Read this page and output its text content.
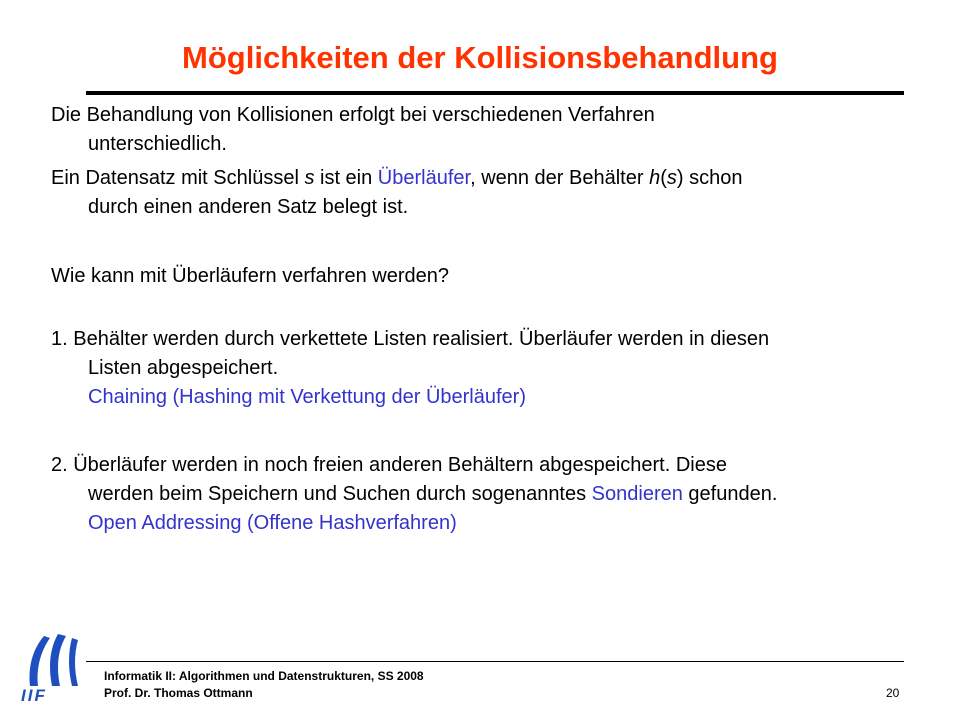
Möglichkeiten der Kollisionsbehandlung

Die Behandlung von Kollisionen erfolgt bei verschiedenen Verfahren
unterschiedlich.

Ein Datensatz mit Schlüssel s ist ein Überläufer, wenn der Behälter h(s) schon
durch einen anderen Satz belegt ist.

Wie kann mit Überläufern verfahren werden?

1. Behälter werden durch verkettete Listen realisiert. Überläufer werden in diesen
Listen abgespeichert.
Chaining (Hashing mit Verkettung der Überläufer)

2. Überläufer werden in noch freien anderen Behältern abgespeichert. Diese
werden beim Speichern und Suchen durch sogenanntes Sondieren gefunden.
Open Addressing (Offene Hashverfahren)

IIF

Informatik II: Algorithmen und Datenstrukturen, SS 2008

Prof. Dr. Thomas Ottmann	20
